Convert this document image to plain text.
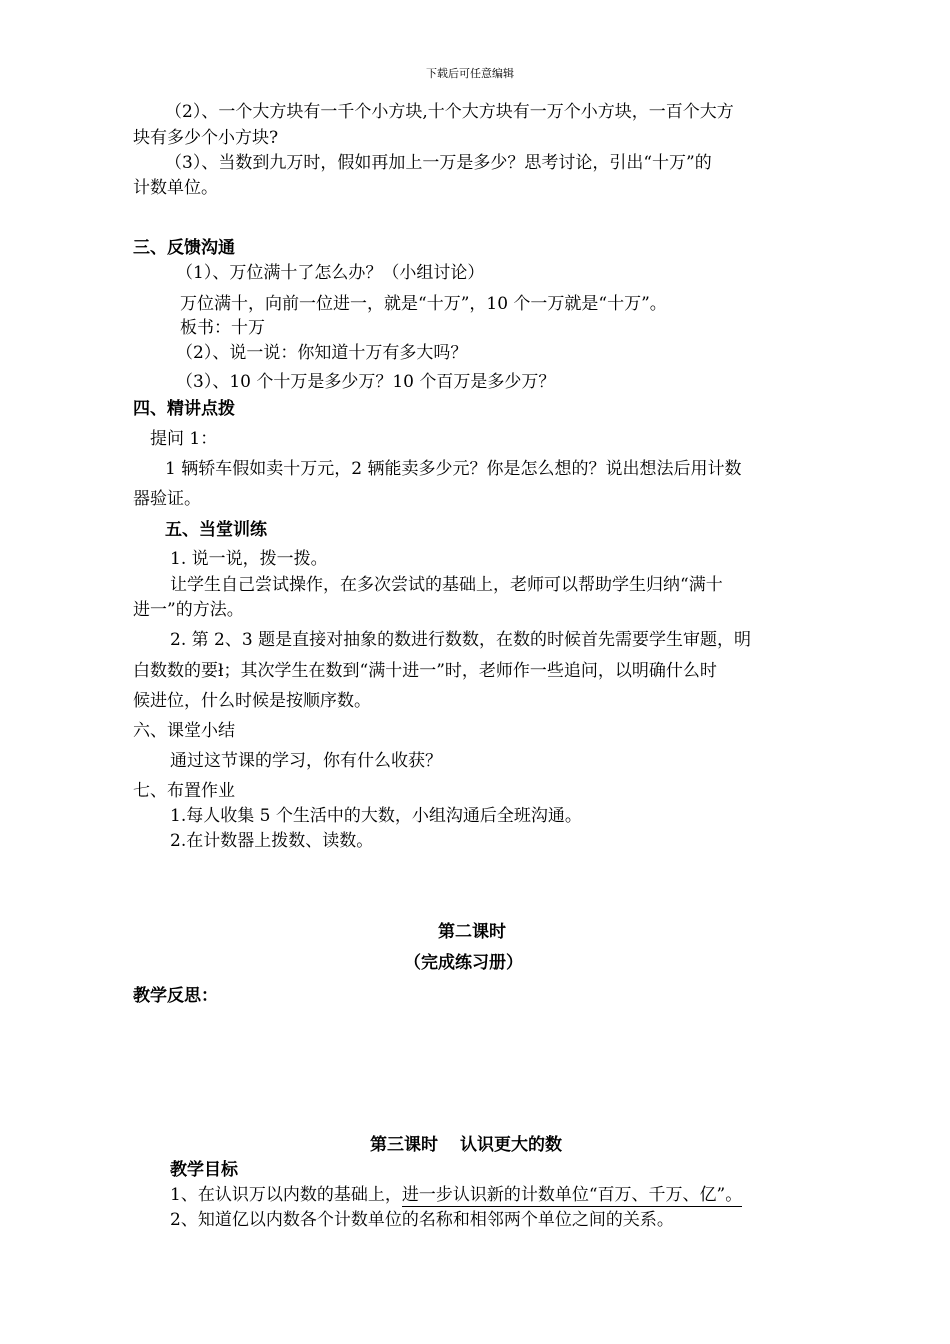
下载后可任意编辑
（2）、一个大方块有一千个小方块,十个大方块有一万个小方块，一百个大方
块有多少个小方块?
（3）、当数到九万时，假如再加上一万是多少？思考讨论，引出“十万”的
计数单位。
三、反馈沟通
（1）、万位满十了怎么办？（小组讨论）
万位满十，向前一位进一，就是“十万”，10 个一万就是“十万”。
板书：十万
（2）、说一说：你知道十万有多大吗？
（3）、10 个十万是多少万？10 个百万是多少万？
四、精讲点拨
提问 1：
1 辆轿车假如卖十万元，2 辆能卖多少元？你是怎么想的？说出想法后用计数
器验证。
五、当堂训练
1. 说一说，拨一拨。
让学生自己尝试操作，在多次尝试的基础上，老师可以帮助学生归纳“满十
进一”的方法。
2. 第 2、3 题是直接对抽象的数进行数数，在数的时候首先需要学生审题，明
白数数的要ł；其次学生在数到“满十进一”时，老师作一些追问，以明确什么时
候进位，什么时候是按顺序数。
六、课堂小结
通过这节课的学习，你有什么收获？
七、布置作业
1.每人收集 5 个生活中的大数，小组沟通后全班沟通。
2.在计数器上拨数、读数。
第二课时
（完成练习册）
教学反思：
第三课时 认识更大的数
教学目标
1、在认识万以内数的基础上，进一步认识新的计数单位“百万、千万、亿”。
2、知道亿以内数各个计数单位的名称和相邻两个单位之间的关系。
